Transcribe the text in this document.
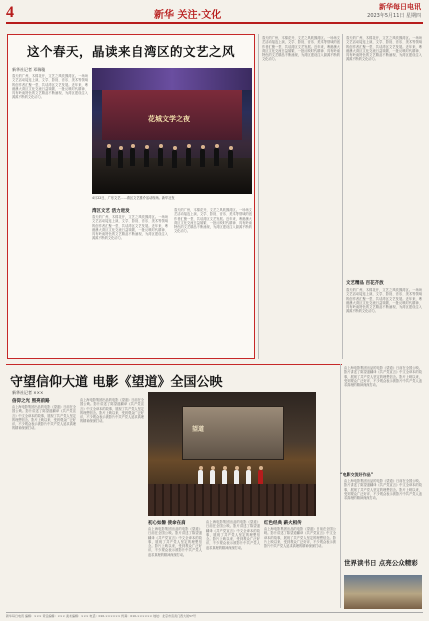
4	新华 关注·文化
新华每日电讯
2023年5月11日 星期四
这个春天，晶读来自湾区的文艺之风
新华社记者 邓瑞璇
春天的广州，木棉花开，文艺之风吹拂湾区。一场场文艺活动接连上演，文学、影视、音乐、美术等领域的创作者汇聚一堂，共话湾区文艺发展。近年来，粤港澳大湾区文化交流日益频繁，一批反映时代精神、具有岭南特色的文艺精品不断涌现，为湾区建设注入源源不断的文化动力。
花城文学之夜
4月22日，广东文艺……湾区文艺推介活动现场。新华社发
湾区文艺 活力迸发
春天的广州，木棉花开，文艺之风吹拂湾区。一场场文艺活动接连上演，文学、影视、音乐、美术等领域的创作者汇聚一堂，共话湾区文艺发展。近年来，粤港澳大湾区文化交流日益频繁，一批反映时代精神、具有岭南特色的文艺精品不断涌现，为湾区建设注入源源不断的文化动力。
春天的广州，木棉花开，文艺之风吹拂湾区。一场场文艺活动接连上演，文学、影视、音乐、美术等领域的创作者汇聚一堂，共话湾区文艺发展。近年来，粤港澳大湾区文化交流日益频繁，一批反映时代精神、具有岭南特色的文艺精品不断涌现，为湾区建设注入源源不断的文化动力。
春天的广州，木棉花开，文艺之风吹拂湾区。一场场文艺活动接连上演，文学、影视、音乐、美术等领域的创作者汇聚一堂，共话湾区文艺发展。近年来，粤港澳大湾区文化交流日益频繁，一批反映时代精神、具有岭南特色的文艺精品不断涌现，为湾区建设注入源源不断的文化动力。
春天的广州，木棉花开，文艺之风吹拂湾区。一场场文艺活动接连上演，文学、影视、音乐、美术等领域的创作者汇聚一堂，共话湾区文艺发展。近年来，粤港澳大湾区文化交流日益频繁，一批反映时代精神、具有岭南特色的文艺精品不断涌现，为湾区建设注入源源不断的文化动力。
文艺精品 百花齐放
春天的广州，木棉花开，文艺之风吹拂湾区。一场场文艺活动接连上演，文学、影视、音乐、美术等领域的创作者汇聚一堂，共话湾区文艺发展。近年来，粤港澳大湾区文化交流日益频繁，一批反映时代精神、具有岭南特色的文艺精品不断涌现，为湾区建设注入源源不断的文化动力。
守望信仰大道 电影《望道》全国公映
新华社记者 ×××
信仰之光 照亮前路
由上海电影集团出品的电影《望道》日前在全国公映。影片讲述了陈望道翻译《共产党宣言》中文全译本的故事，展现了共产党人坚定的理想信念。影片上映以来，受到观众广泛好评，不少观众表示被影片中共产党人追求真理的精神深深打动。
由上海电影集团出品的电影《望道》日前在全国公映。影片讲述了陈望道翻译《共产党宣言》中文全译本的故事，展现了共产党人坚定的理想信念。影片上映以来，受到观众广泛好评，不少观众表示被影片中共产党人追求真理的精神深深打动。
望道
初心如磐 使命在肩
由上海电影集团出品的电影《望道》日前在全国公映。影片讲述了陈望道翻译《共产党宣言》中文全译本的故事，展现了共产党人坚定的理想信念。影片上映以来，受到观众广泛好评，不少观众表示被影片中共产党人追求真理的精神深深打动。
由上海电影集团出品的电影《望道》日前在全国公映。影片讲述了陈望道翻译《共产党宣言》中文全译本的故事，展现了共产党人坚定的理想信念。影片上映以来，受到观众广泛好评，不少观众表示被影片中共产党人追求真理的精神深深打动。
红色经典 薪火相传
由上海电影集团出品的电影《望道》日前在全国公映。影片讲述了陈望道翻译《共产党宣言》中文全译本的故事，展现了共产党人坚定的理想信念。影片上映以来，受到观众广泛好评，不少观众表示被影片中共产党人追求真理的精神深深打动。
由上海电影集团出品的电影《望道》日前在全国公映。影片讲述了陈望道翻译《共产党宣言》中文全译本的故事，展现了共产党人坚定的理想信念。影片上映以来，受到观众广泛好评，不少观众表示被影片中共产党人追求真理的精神深深打动。
“电影交流好作品”
由上海电影集团出品的电影《望道》日前在全国公映。影片讲述了陈望道翻译《共产党宣言》中文全译本的故事，展现了共产党人坚定的理想信念。影片上映以来，受到观众广泛好评，不少观众表示被影片中共产党人追求真理的精神深深打动。
世界读书日 点亮公众精彩
新华每日电讯 编辑：××× 责任编辑：××× 美术编辑：××× 电话：010-×××××× 传真：010-×××××× 地址：北京市宣武门西大街57号
